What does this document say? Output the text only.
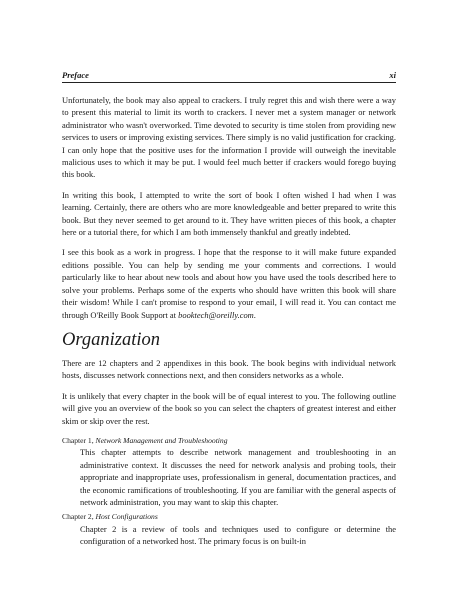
Preface	xi

Unfortunately, the book may also appeal to crackers. I truly regret this and wish there were a way to present this material to limit its worth to crackers. I never met a system manager or network administrator who wasn't overworked. Time devoted to security is time stolen from providing new services to users or improving existing services. There simply is no valid justification for cracking. I can only hope that the positive uses for the information I provide will outweigh the inevitable malicious uses to which it may be put. I would feel much better if crackers would forego buying this book.

In writing this book, I attempted to write the sort of book I often wished I had when I was learning. Certainly, there are others who are more knowledgeable and better prepared to write this book. But they never seemed to get around to it. They have written pieces of this book, a chapter here or a tutorial there, for which I am both immensely thankful and greatly indebted.

I see this book as a work in progress. I hope that the response to it will make future expanded editions possible. You can help by sending me your comments and corrections. I would particularly like to hear about new tools and about how you have used the tools described here to solve your problems. Perhaps some of the experts who should have written this book will share their wisdom! While I can't promise to respond to your email, I will read it. You can contact me through O'Reilly Book Support at booktech@oreilly.com.

Organization

There are 12 chapters and 2 appendixes in this book. The book begins with individual network hosts, discusses network connections next, and then considers networks as a whole.

It is unlikely that every chapter in the book will be of equal interest to you. The following outline will give you an overview of the book so you can select the chapters of greatest interest and either skim or skip over the rest.

Chapter 1, Network Management and Troubleshooting

This chapter attempts to describe network management and troubleshooting in an administrative context. It discusses the need for network analysis and probing tools, their appropriate and inappropriate uses, professionalism in general, documentation practices, and the economic ramifications of troubleshooting. If you are familiar with the general aspects of network administration, you may want to skip this chapter.

Chapter 2, Host Configurations

Chapter 2 is a review of tools and techniques used to configure or determine the configuration of a networked host. The primary focus is on built-in
